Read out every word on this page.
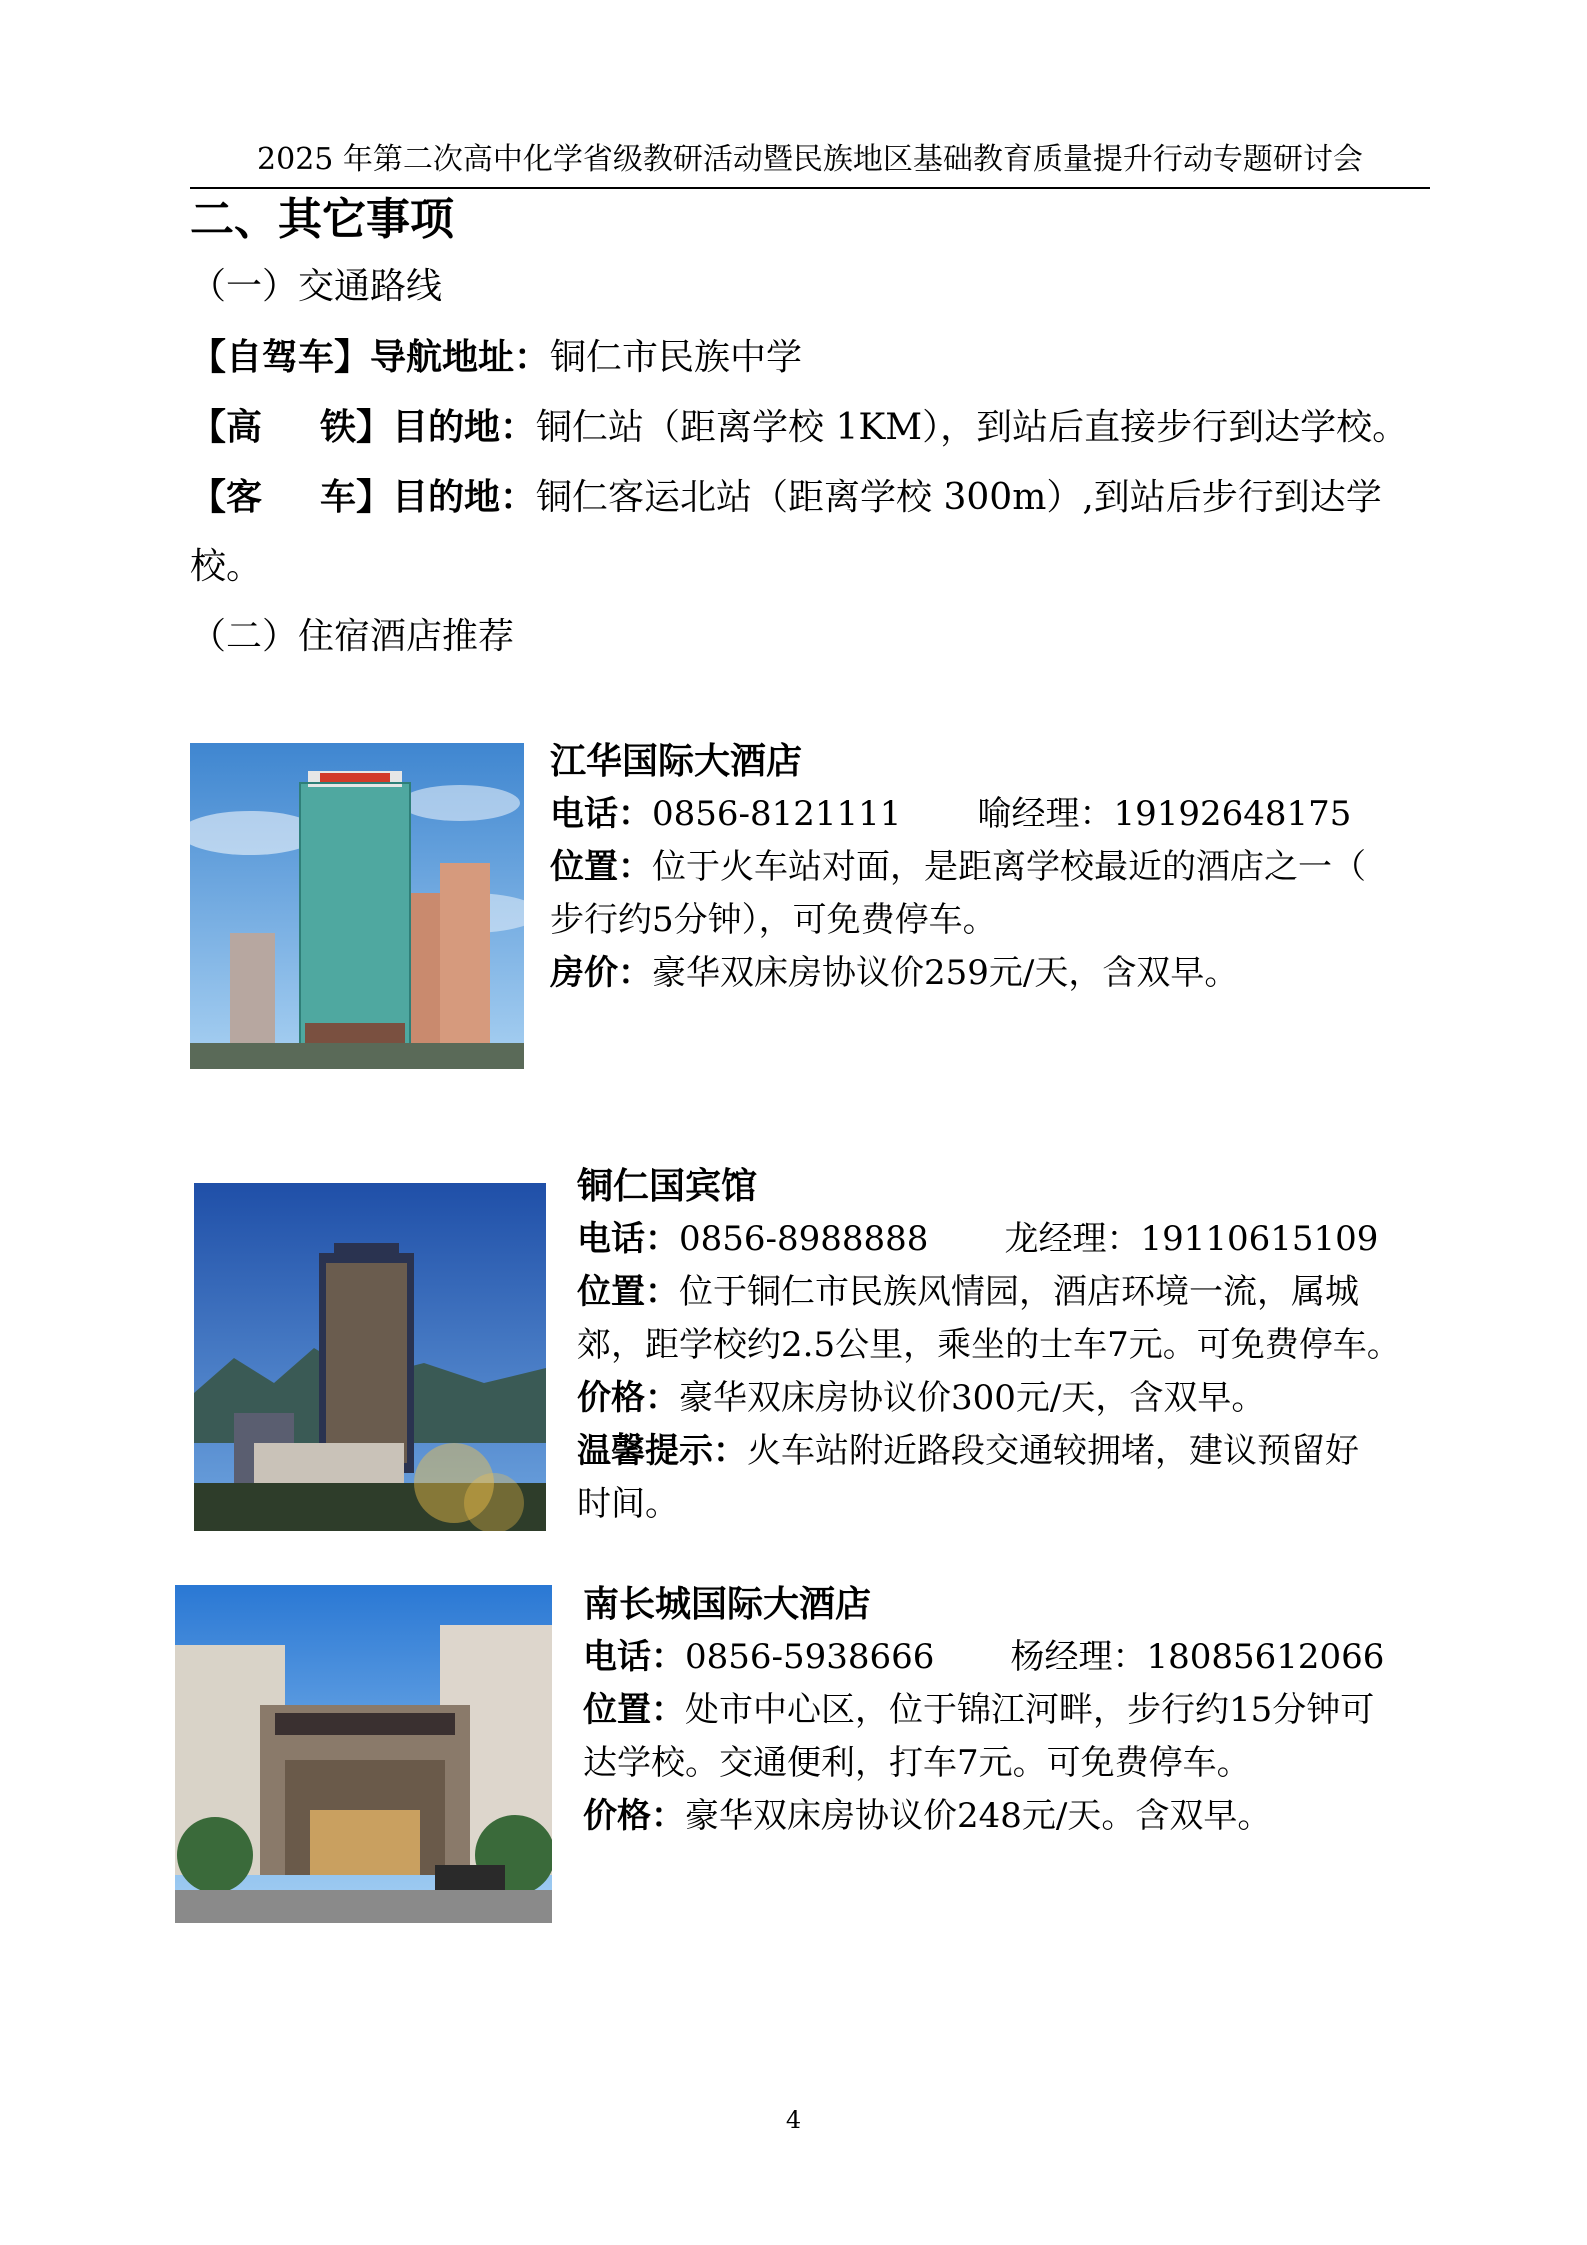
2025 年第二次高中化学省级教研活动暨民族地区基础教育质量提升行动专题研讨会
二、其它事项
（一）交通路线
【自驾车】导航地址：铜仁市民族中学
【高 铁】目的地：铜仁站（距离学校 1KM），到站后直接步行到达学校。
【客 车】目的地：铜仁客运北站（距离学校 300m）,到站后步行到达学
校。
（二）住宿酒店推荐
江华国际大酒店
电话：0856-8121111 喻经理：19192648175
位置：位于火车站对面，是距离学校最近的酒店之一（
步行约5分钟），可免费停车。
房价：豪华双床房协议价259元/天，含双早。
铜仁国宾馆
电话：0856-8988888 龙经理：19110615109
位置：位于铜仁市民族风情园，酒店环境一流，属城
郊，距学校约2.5公里，乘坐的士车7元。可免费停车。
价格：豪华双床房协议价300元/天，含双早。
温馨提示：火车站附近路段交通较拥堵，建议预留好
时间。
南长城国际大酒店
电话：0856-5938666 杨经理：18085612066
位置：处市中心区，位于锦江河畔，步行约15分钟可
达学校。交通便利，打车7元。可免费停车。
价格：豪华双床房协议价248元/天。含双早。
4
